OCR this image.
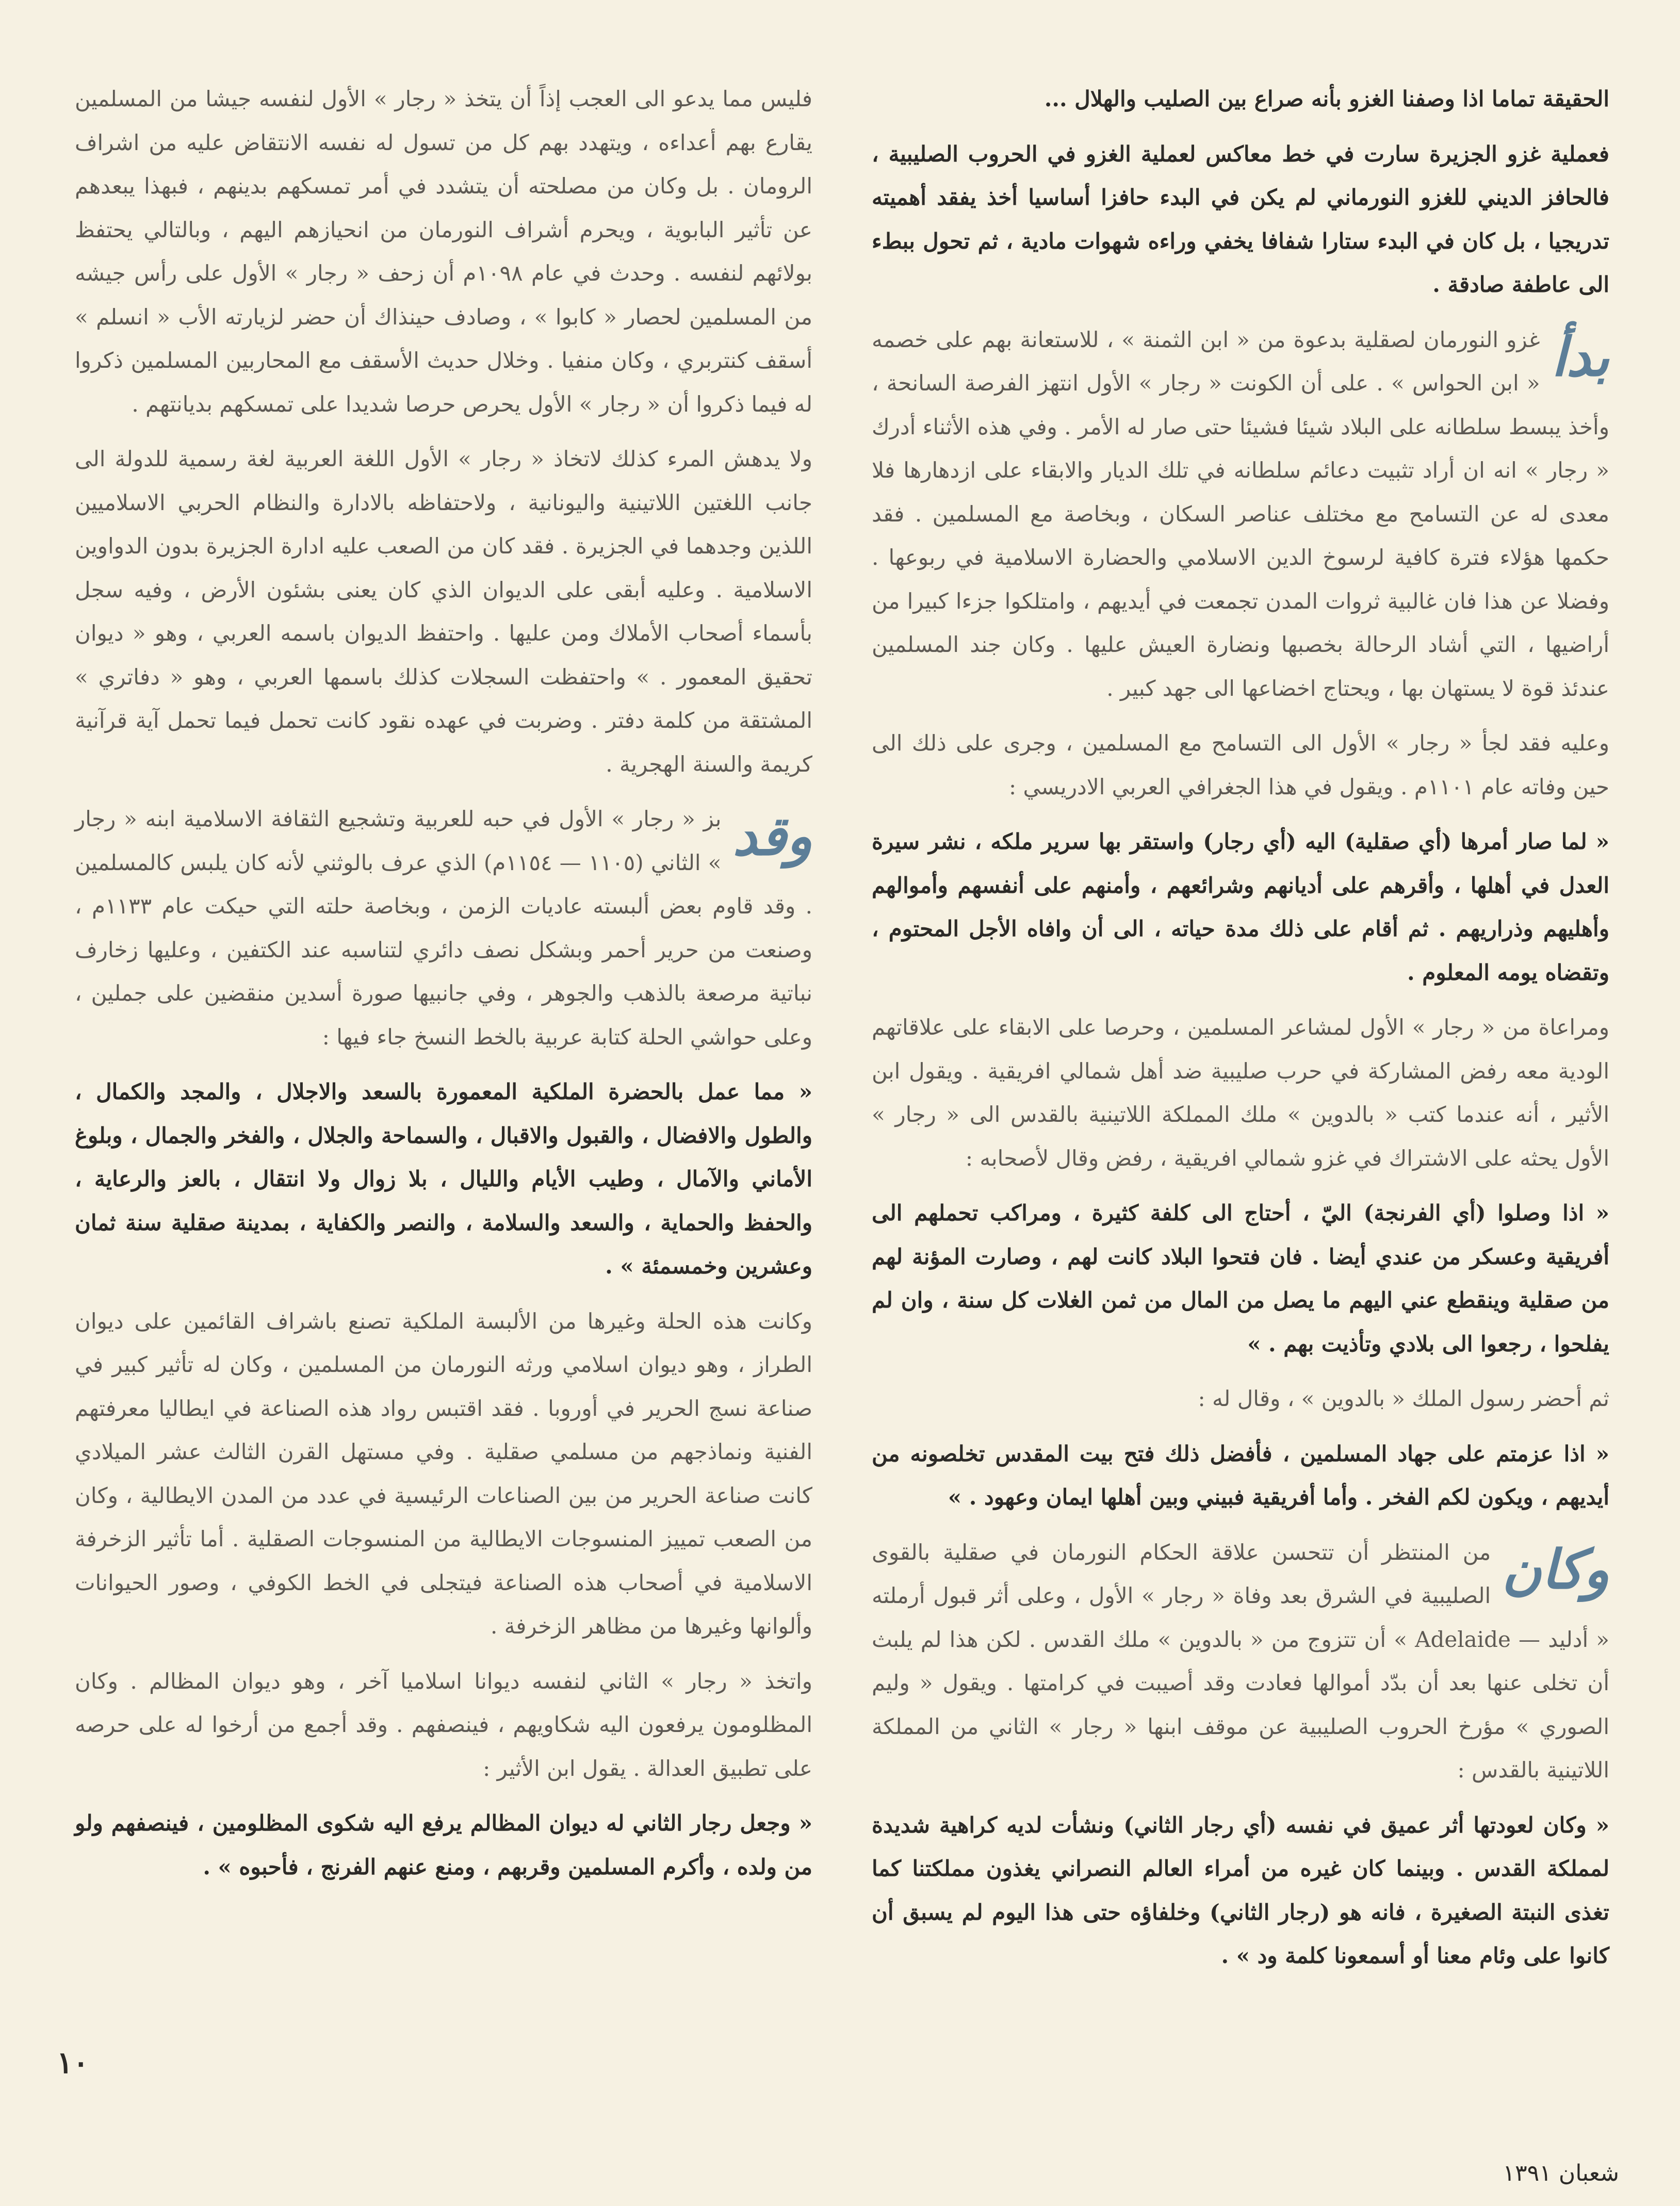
الحقيقة تماما اذا وصفنا الغزو بأنه صراع بين الصليب والهلال ...

فعملية غزو الجزيرة سارت في خط معاكس لعملية الغزو في الحروب الصليبية ، فالحافز الديني للغزو النورماني لم يكن في البدء حافزا أساسيا أخذ يفقد أهميته تدريجيا ، بل كان في البدء ستارا شفافا يخفي وراءه شهوات مادية ، ثم تحول ببطء الى عاطفة صادقة .

بدأ
غزو النورمان لصقلية بدعوة من « ابن الثمنة » ، للاستعانة بهم على خصمه « ابن الحواس » . على أن الكونت « رجار » الأول انتهز الفرصة السانحة ، وأخذ يبسط سلطانه على البلاد شيئا فشيئا حتى صار له الأمر . وفي هذه الأثناء أدرك « رجار » انه ان أراد تثبيت دعائم سلطانه في تلك الديار والابقاء على ازدهارها فلا معدى له عن التسامح مع مختلف عناصر السكان ، وبخاصة مع المسلمين . فقد حكمها هؤلاء فترة كافية لرسوخ الدين الاسلامي والحضارة الاسلامية في ربوعها . وفضلا عن هذا فان غالبية ثروات المدن تجمعت في أيديهم ، وامتلكوا جزءا كبيرا من أراضيها ، التي أشاد الرحالة بخصبها ونضارة العيش عليها . وكان جند المسلمين عندئذ قوة لا يستهان بها ، ويحتاج اخضاعها الى جهد كبير .

وعليه فقد لجأ « رجار » الأول الى التسامح مع المسلمين ، وجرى على ذلك الى حين وفاته عام ١١٠١م . ويقول في هذا الجغرافي العربي الادريسي :

« لما صار أمرها (أي صقلية) اليه (أي رجار) واستقر بها سرير ملكه ، نشر سيرة العدل في أهلها ، وأقرهم على أديانهم وشرائعهم ، وأمنهم على أنفسهم وأموالهم وأهليهم وذراريهم . ثم أقام على ذلك مدة حياته ، الى أن وافاه الأجل المحتوم ، وتقضاه يومه المعلوم .

ومراعاة من « رجار » الأول لمشاعر المسلمين ، وحرصا على الابقاء على علاقاتهم الودية معه رفض المشاركة في حرب صليبية ضد أهل شمالي افريقية . ويقول ابن الأثير ، أنه عندما كتب « بالدوين » ملك المملكة اللاتينية بالقدس الى « رجار » الأول يحثه على الاشتراك في غزو شمالي افريقية ، رفض وقال لأصحابه :

« اذا وصلوا (أي الفرنجة) اليّ ، أحتاج الى كلفة كثيرة ، ومراكب تحملهم الى أفريقية وعسكر من عندي أيضا . فان فتحوا البلاد كانت لهم ، وصارت المؤنة لهم من صقلية وينقطع عني اليهم ما يصل من المال من ثمن الغلات كل سنة ، وان لم يفلحوا ، رجعوا الى بلادي وتأذيت بهم . »

ثم أحضر رسول الملك « بالدوين » ، وقال له :

« اذا عزمتم على جهاد المسلمين ، فأفضل ذلك فتح بيت المقدس تخلصونه من أيديهم ، ويكون لكم الفخر . وأما أفريقية فبيني وبين أهلها ايمان وعهود . »

وكان
من المنتظر أن تتحسن علاقة الحكام النورمان في صقلية بالقوى الصليبية في الشرق بعد وفاة « رجار » الأول ، وعلى أثر قبول أرملته « أدليد — Adelaide » أن تتزوج من « بالدوين » ملك القدس . لكن هذا لم يلبث أن تخلى عنها بعد أن بدّد أموالها فعادت وقد أصيبت في كرامتها . ويقول « وليم الصوري » مؤرخ الحروب الصليبية عن موقف ابنها « رجار » الثاني من المملكة اللاتينية بالقدس :

« وكان لعودتها أثر عميق في نفسه (أي رجار الثاني) ونشأت لديه كراهية شديدة لمملكة القدس . وبينما كان غيره من أمراء العالم النصراني يغذون مملكتنا كما تغذى النبتة الصغيرة ، فانه هو (رجار الثاني) وخلفاؤه حتى هذا اليوم لم يسبق أن كانوا على وئام معنا أو أسمعونا كلمة ود » .

فليس مما يدعو الى العجب إذاً أن يتخذ « رجار » الأول لنفسه جيشا من المسلمين يقارع بهم أعداءه ، ويتهدد بهم كل من تسول له نفسه الانتقاض عليه من اشراف الرومان . بل وكان من مصلحته أن يتشدد في أمر تمسكهم بدينهم ، فبهذا يبعدهم عن تأثير البابوية ، ويحرم أشراف النورمان من انحيازهم اليهم ، وبالتالي يحتفظ بولائهم لنفسه . وحدث في عام ١٠٩٨م أن زحف « رجار » الأول على رأس جيشه من المسلمين لحصار « كابوا » ، وصادف حينذاك أن حضر لزيارته الأب « انسلم » أسقف كنتربري ، وكان منفيا . وخلال حديث الأسقف مع المحاربين المسلمين ذكروا له فيما ذكروا أن « رجار » الأول يحرص حرصا شديدا على تمسكهم بديانتهم .

ولا يدهش المرء كذلك لاتخاذ « رجار » الأول اللغة العربية لغة رسمية للدولة الى جانب اللغتين اللاتينية واليونانية ، ولاحتفاظه بالادارة والنظام الحربي الاسلاميين اللذين وجدهما في الجزيرة . فقد كان من الصعب عليه ادارة الجزيرة بدون الدواوين الاسلامية . وعليه أبقى على الديوان الذي كان يعنى بشئون الأرض ، وفيه سجل بأسماء أصحاب الأملاك ومن عليها . واحتفظ الديوان باسمه العربي ، وهو « ديوان تحقيق المعمور . » واحتفظت السجلات كذلك باسمها العربي ، وهو « دفاتري » المشتقة من كلمة دفتر . وضربت في عهده نقود كانت تحمل فيما تحمل آية قرآنية كريمة والسنة الهجرية .

وقد
بز « رجار » الأول في حبه للعربية وتشجيع الثقافة الاسلامية ابنه « رجار » الثاني (١١٠٥ — ١١٥٤م) الذي عرف بالوثني لأنه كان يلبس كالمسلمين . وقد قاوم بعض ألبسته عاديات الزمن ، وبخاصة حلته التي حيكت عام ١١٣٣م ، وصنعت من حرير أحمر وبشكل نصف دائري لتناسبه عند الكتفين ، وعليها زخارف نباتية مرصعة بالذهب والجوهر ، وفي جانبيها صورة أسدين منقضين على جملين ، وعلى حواشي الحلة كتابة عربية بالخط النسخ جاء فيها :

« مما عمل بالحضرة الملكية المعمورة بالسعد والاجلال ، والمجد والكمال ، والطول والافضال ، والقبول والاقبال ، والسماحة والجلال ، والفخر والجمال ، وبلوغ الأماني والآمال ، وطيب الأيام والليال ، بلا زوال ولا انتقال ، بالعز والرعاية ، والحفظ والحماية ، والسعد والسلامة ، والنصر والكفاية ، بمدينة صقلية سنة ثمان وعشرين وخمسمئة » .

وكانت هذه الحلة وغيرها من الألبسة الملكية تصنع باشراف القائمين على ديوان الطراز ، وهو ديوان اسلامي ورثه النورمان من المسلمين ، وكان له تأثير كبير في صناعة نسج الحرير في أوروبا . فقد اقتبس رواد هذه الصناعة في ايطاليا معرفتهم الفنية ونماذجهم من مسلمي صقلية . وفي مستهل القرن الثالث عشر الميلادي كانت صناعة الحرير من بين الصناعات الرئيسية في عدد من المدن الايطالية ، وكان من الصعب تمييز المنسوجات الايطالية من المنسوجات الصقلية . أما تأثير الزخرفة الاسلامية في أصحاب هذه الصناعة فيتجلى في الخط الكوفي ، وصور الحيوانات وألوانها وغيرها من مظاهر الزخرفة .

واتخذ « رجار » الثاني لنفسه ديوانا اسلاميا آخر ، وهو ديوان المظالم . وكان المظلومون يرفعون اليه شكاويهم ، فينصفهم . وقد أجمع من أرخوا له على حرصه على تطبيق العدالة . يقول ابن الأثير :

« وجعل رجار الثاني له ديوان المظالم يرفع اليه شكوى المظلومين ، فينصفهم ولو من ولده ، وأكرم المسلمين وقربهم ، ومنع عنهم الفرنج ، فأحبوه » .

١٠
شعبان ١٣٩١
